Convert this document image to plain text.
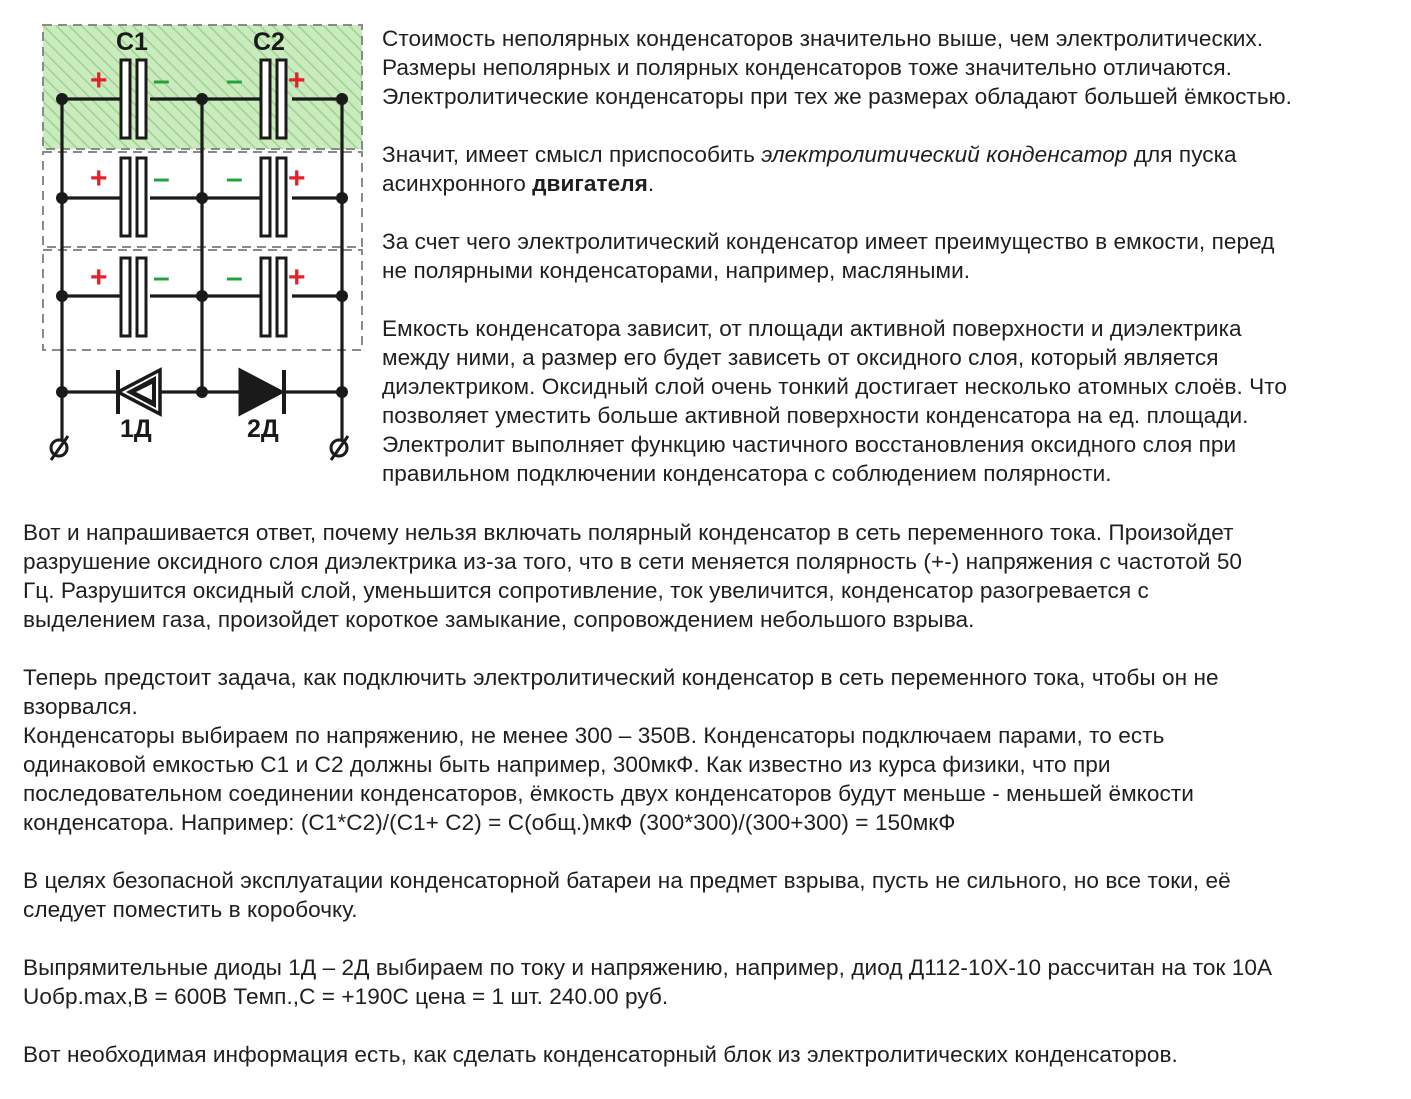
+ – – +
+ – – +
+ – – +
C1	C2
1Д	2Д

Стоимость неполярных конденсаторов значительно выше, чем электролитических.
Размеры неполярных и полярных конденсаторов тоже значительно отличаются.
Электролитические конденсаторы при тех же размерах обладают большей ёмкостью.

Значит, имеет смысл приспособить электролитический конденсатор для пуска
асинхронного двигателя.

За счет чего электролитический конденсатор имеет преимущество в емкости, перед
не полярными конденсаторами, например, масляными.

Емкость конденсатора зависит, от площади активной поверхности и диэлектрика
между ними, а размер его будет зависеть от оксидного слоя, который является
диэлектриком. Оксидный слой очень тонкий достигает несколько атомных слоёв. Что
позволяет уместить больше активной поверхности конденсатора на ед. площади.
Электролит выполняет функцию частичного восстановления оксидного слоя при
правильном подключении конденсатора с соблюдением полярности.

Вот и напрашивается ответ, почему нельзя включать полярный конденсатор в сеть переменного тока. Произойдет
разрушение оксидного слоя диэлектрика из-за того, что в сети меняется полярность (+-) напряжения с частотой 50
Гц. Разрушится оксидный слой, уменьшится сопротивление, ток увеличится, конденсатор разогревается с
выделением газа, произойдет короткое замыкание, сопровождением небольшого взрыва.

Теперь предстоит задача, как подключить электролитический конденсатор в сеть переменного тока, чтобы он не
взорвался.
Конденсаторы выбираем по напряжению, не менее 300 – 350В. Конденсаторы подключаем парами, то есть
одинаковой емкостью С1 и С2 должны быть например, 300мкФ. Как известно из курса физики, что при
последовательном соединении конденсаторов, ёмкость двух конденсаторов будут меньше - меньшей ёмкости
конденсатора. Например: (С1*С2)/(С1+ С2) = С(общ.)мкФ (300*300)/(300+300) = 150мкФ

В целях безопасной эксплуатации конденсаторной батареи на предмет взрыва, пусть не сильного, но все токи, её
следует поместить в коробочку.

Выпрямительные диоды 1Д – 2Д выбираем по току и напряжению, например, диод Д112-10Х-10 рассчитан на ток 10А
Uобр.max,В = 600В Темп.,С = +190С цена = 1 шт. 240.00 руб.

Вот необходимая информация есть, как сделать конденсаторный блок из электролитических конденсаторов.
